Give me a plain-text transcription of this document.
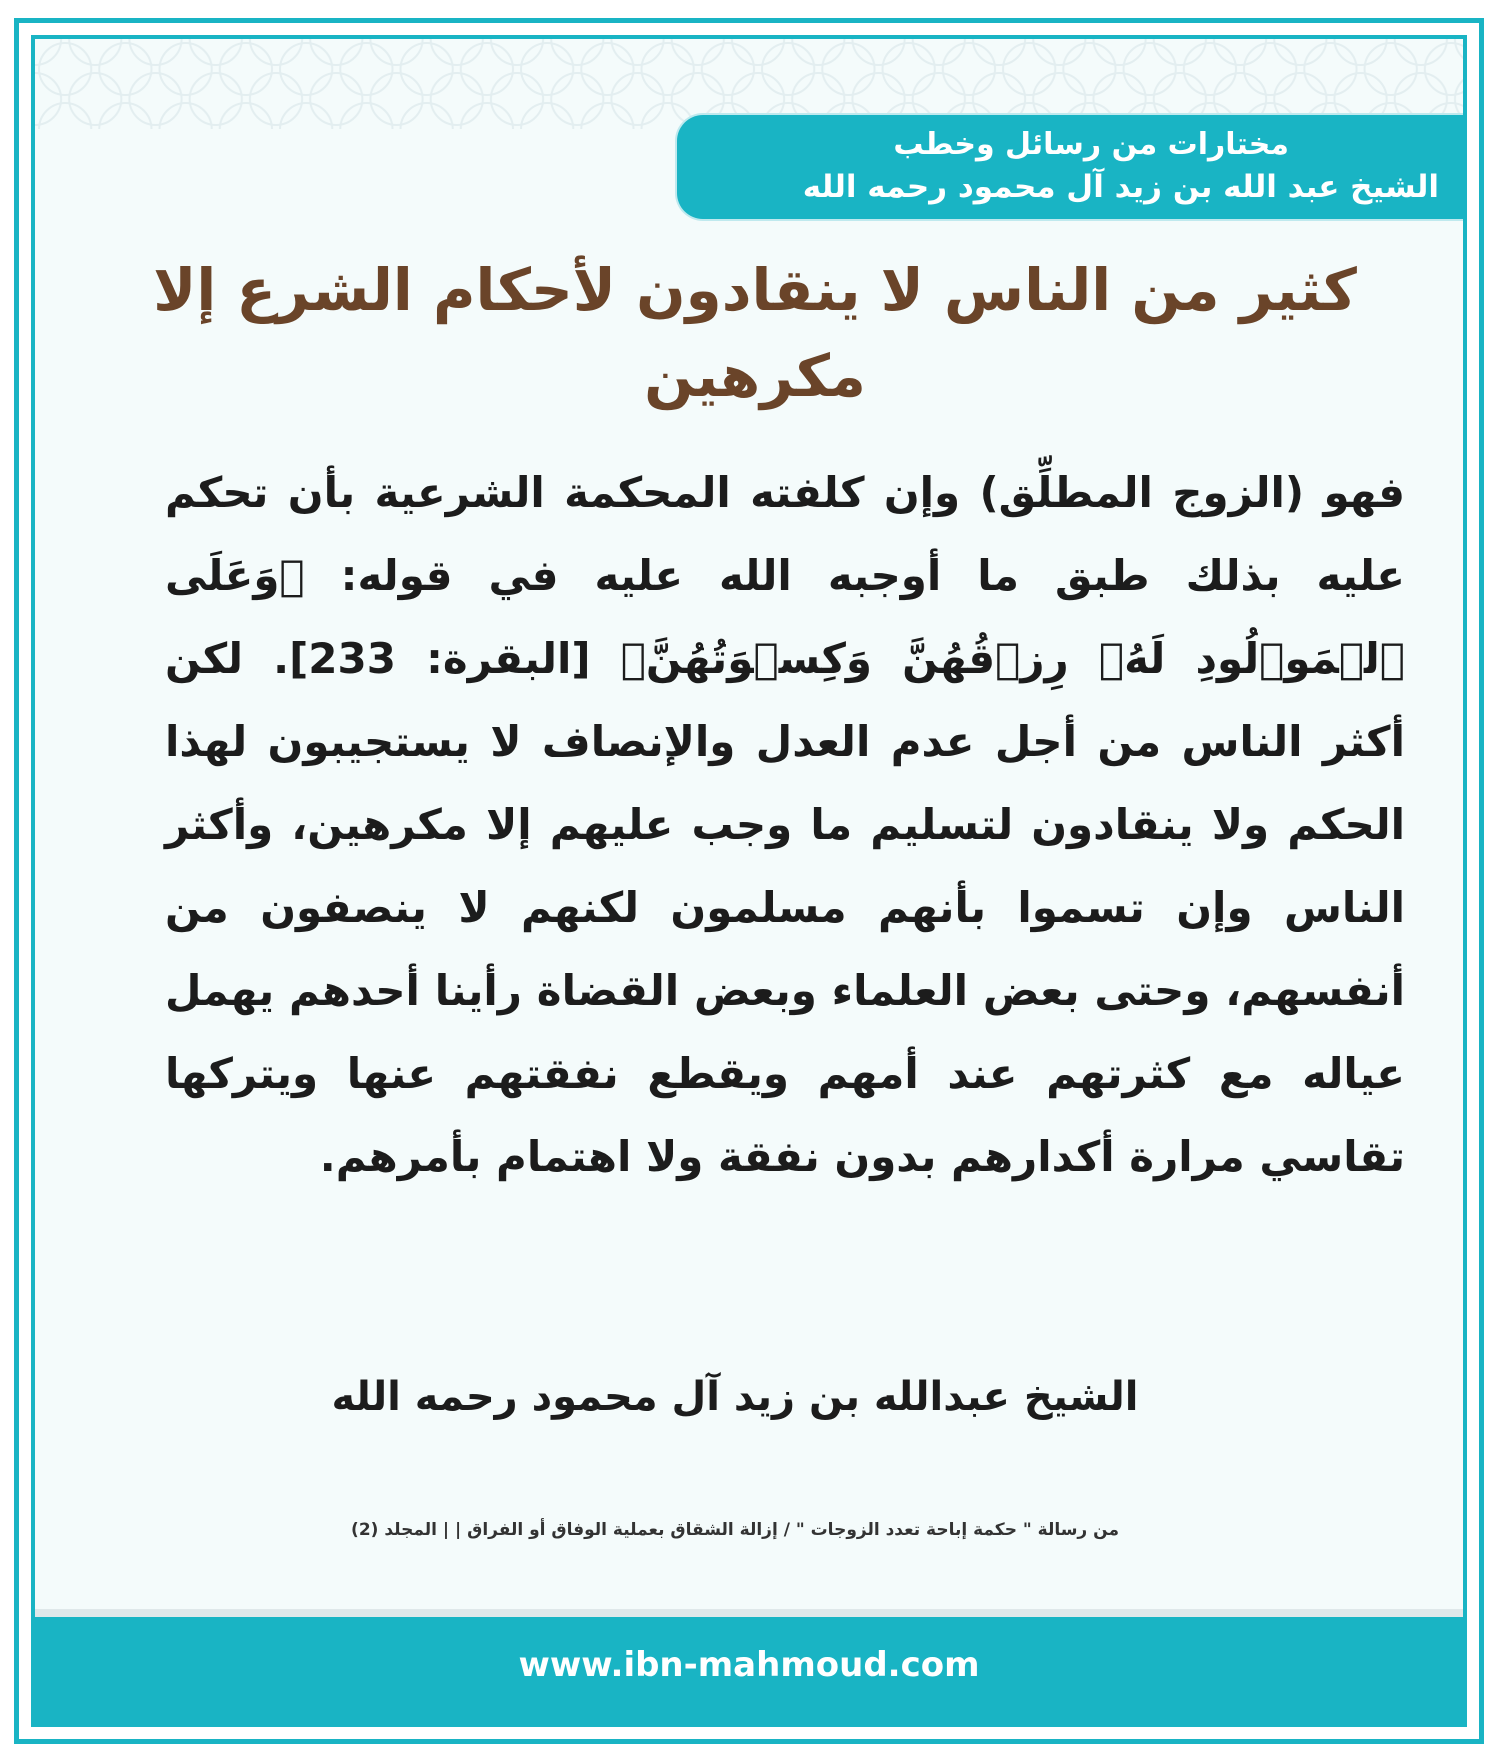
مختارات من رسائل وخطب
الشيخ عبد الله بن زيد آل محمود رحمه الله
كثير من الناس لا ينقادون لأحكام الشرع إلا مكرهين
فهو (الزوج المطلِّق) وإن كلفته المحكمة الشرعية بأن تحكم عليه بذلك طبق ما أوجبه الله عليه في قوله: ﴿وَعَلَى ٱلۡمَوۡلُودِ لَهُۥ رِزۡقُهُنَّ وَكِسۡوَتُهُنَّ﴾ [البقرة: 233]. لكن أكثر الناس من أجل عدم العدل والإنصاف لا يستجيبون لهذا الحكم ولا ينقادون لتسليم ما وجب عليهم إلا مكرهين، وأكثر الناس وإن تسموا بأنهم مسلمون لكنهم لا ينصفون من أنفسهم، وحتى بعض العلماء وبعض القضاة رأينا أحدهم يهمل عياله مع كثرتهم عند أمهم ويقطع نفقتهم عنها ويتركها تقاسي مرارة أكدارهم بدون نفقة ولا اهتمام بأمرهم.
الشيخ عبدالله بن زيد آل محمود رحمه الله
من رسالة " حكمة إباحة تعدد الزوجات " / إزالة الشقاق بعملية الوفاق أو الفراق | | المجلد (2)
www.ibn-mahmoud.com
